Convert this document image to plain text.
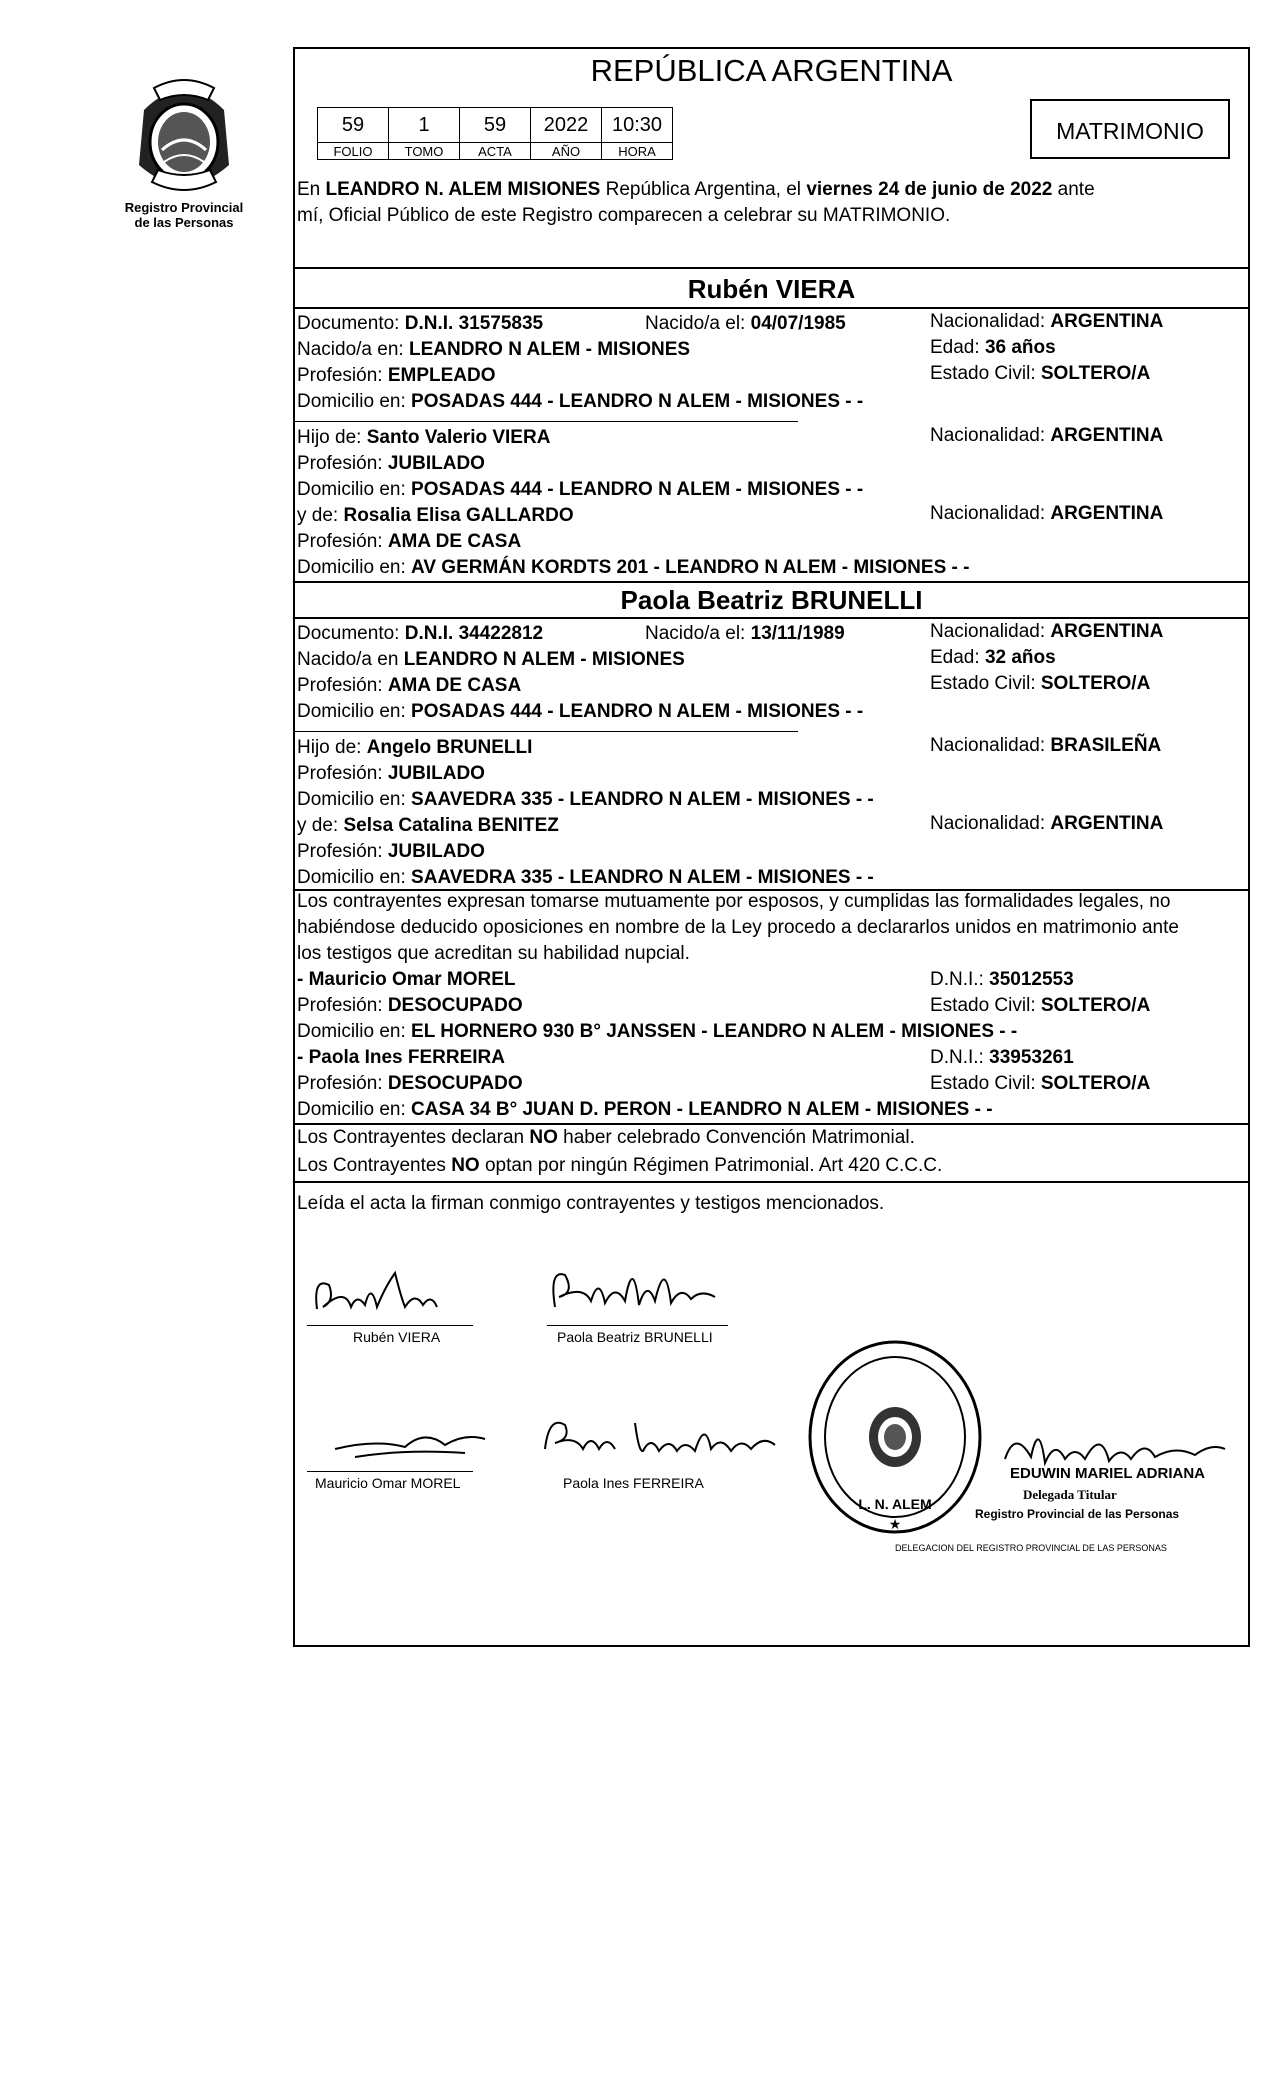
Registro Provincial
de las Personas
REPÚBLICA ARGENTINA
59	1	59	2022	10:30
FOLIO	TOMO	ACTA	AÑO	HORA
MATRIMONIO
En LEANDRO N. ALEM MISIONES República Argentina, el viernes 24 de junio de 2022 ante
mí, Oficial Público de este Registro comparecen a celebrar su MATRIMONIO.
Rubén VIERA
Documento: D.N.I. 31575835	Nacido/a el: 04/07/1985	Nacionalidad: ARGENTINA
Nacido/a en: LEANDRO N ALEM - MISIONES	Edad: 36 años
Profesión: EMPLEADO	Estado Civil: SOLTERO/A
Domicilio en: POSADAS 444 - LEANDRO N ALEM - MISIONES - -
Hijo de: Santo Valerio VIERA	Nacionalidad: ARGENTINA
Profesión: JUBILADO
Domicilio en: POSADAS 444 - LEANDRO N ALEM - MISIONES - -
y de: Rosalia Elisa GALLARDO	Nacionalidad: ARGENTINA
Profesión: AMA DE CASA
Domicilio en: AV GERMÁN KORDTS 201 - LEANDRO N ALEM - MISIONES - -
Paola Beatriz BRUNELLI
Documento: D.N.I. 34422812	Nacido/a el: 13/11/1989	Nacionalidad: ARGENTINA
Nacido/a en LEANDRO N ALEM - MISIONES	Edad: 32 años
Profesión: AMA DE CASA	Estado Civil: SOLTERO/A
Domicilio en: POSADAS 444 - LEANDRO N ALEM - MISIONES - -
Hijo de: Angelo BRUNELLI	Nacionalidad: BRASILEÑA
Profesión: JUBILADO
Domicilio en: SAAVEDRA 335 - LEANDRO N ALEM - MISIONES - -
y de: Selsa Catalina BENITEZ	Nacionalidad: ARGENTINA
Profesión: JUBILADO
Domicilio en: SAAVEDRA 335 - LEANDRO N ALEM - MISIONES - -
Los contrayentes expresan tomarse mutuamente por esposos, y cumplidas las formalidades legales, no
habiéndose deducido oposiciones en nombre de la Ley procedo a declararlos unidos en matrimonio ante
los testigos que acreditan su habilidad nupcial.
- Mauricio Omar MOREL	D.N.I.: 35012553
Profesión: DESOCUPADO	Estado Civil: SOLTERO/A
Domicilio en: EL HORNERO 930 B° JANSSEN - LEANDRO N ALEM - MISIONES - -
- Paola Ines FERREIRA	D.N.I.: 33953261
Profesión: DESOCUPADO	Estado Civil: SOLTERO/A
Domicilio en: CASA 34 B° JUAN D. PERON - LEANDRO N ALEM - MISIONES - -
Los Contrayentes declaran NO haber celebrado Convención Matrimonial.
Los Contrayentes NO optan por ningún Régimen Patrimonial. Art 420 C.C.C.
Leída el acta la firman conmigo contrayentes y testigos mencionados.
Rubén VIERA	Paola Beatriz BRUNELLI
Mauricio Omar MOREL	Paola Ines FERREIRA
L. N. ALEM
★
DELEGACION DEL REGISTRO PROVINCIAL DE LAS PERSONAS
EDUWIN MARIEL ADRIANA
Delegada Titular
Registro Provincial de las Personas
